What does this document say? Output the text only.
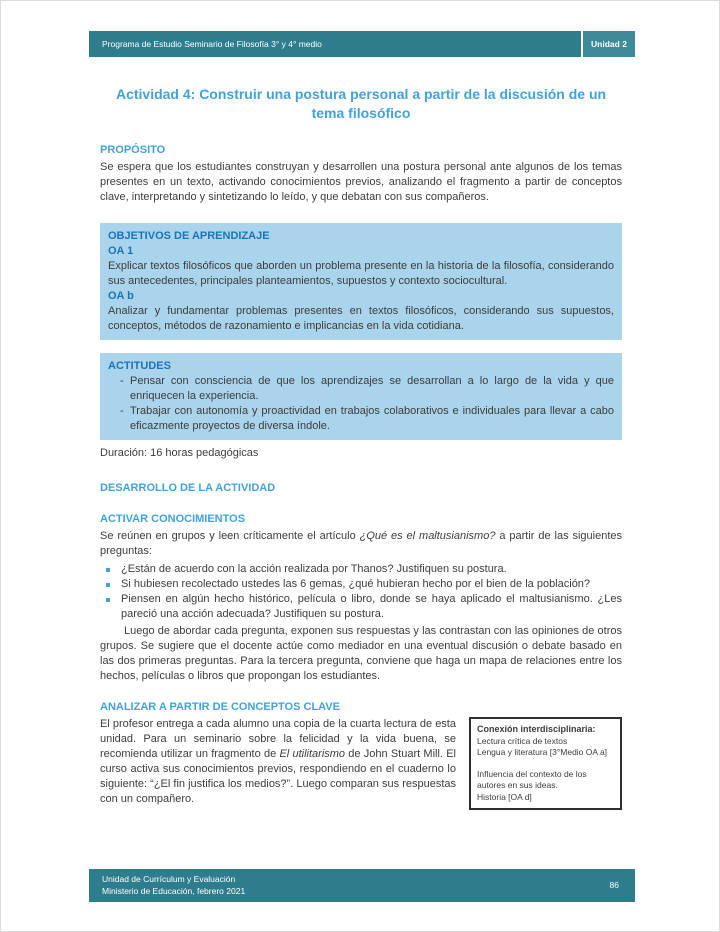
Programa de Estudio Seminario de Filosofía 3° y 4° medio	Unidad 2
Actividad 4: Construir una postura personal a partir de la discusión de un tema filosófico
PROPÓSITO
Se espera que los estudiantes construyan y desarrollen una postura personal ante algunos de los temas presentes en un texto, activando conocimientos previos, analizando el fragmento a partir de conceptos clave, interpretando y sintetizando lo leído, y que debatan con sus compañeros.
OBJETIVOS DE APRENDIZAJE
OA 1
Explicar textos filosóficos que aborden un problema presente en la historia de la filosofía, considerando sus antecedentes, principales planteamientos, supuestos y contexto sociocultural.
OA b
Analizar y fundamentar problemas presentes en textos filosóficos, considerando sus supuestos, conceptos, métodos de razonamiento e implicancias en la vida cotidiana.
ACTITUDES
- Pensar con consciencia de que los aprendizajes se desarrollan a lo largo de la vida y que enriquecen la experiencia.
- Trabajar con autonomía y proactividad en trabajos colaborativos e individuales para llevar a cabo eficazmente proyectos de diversa índole.
Duración: 16 horas pedagógicas
DESARROLLO DE LA ACTIVIDAD
ACTIVAR CONOCIMIENTOS
Se reúnen en grupos y leen críticamente el artículo ¿Qué es el maltusianismo? a partir de las siguientes preguntas:
¿Están de acuerdo con la acción realizada por Thanos? Justifiquen su postura.
Si hubiesen recolectado ustedes las 6 gemas, ¿qué hubieran hecho por el bien de la población?
Piensen en algún hecho histórico, película o libro, donde se haya aplicado el maltusianismo. ¿Les pareció una acción adecuada? Justifiquen su postura.
Luego de abordar cada pregunta, exponen sus respuestas y las contrastan con las opiniones de otros grupos. Se sugiere que el docente actúe como mediador en una eventual discusión o debate basado en las dos primeras preguntas. Para la tercera pregunta, conviene que haga un mapa de relaciones entre los hechos, películas o libros que propongan los estudiantes.
ANALIZAR A PARTIR DE CONCEPTOS CLAVE
El profesor entrega a cada alumno una copia de la cuarta lectura de esta unidad. Para un seminario sobre la felicidad y la vida buena, se recomienda utilizar un fragmento de El utilitarismo de John Stuart Mill. El curso activa sus conocimientos previos, respondiendo en el cuaderno lo siguiente: “¿El fin justifica los medios?”. Luego comparan sus respuestas con un compañero.
Conexión interdisciplinaria:
Lectura crítica de textos
Lengua y literatura [3°Medio OA a]
Influencia del contexto de los autores en sus ideas.
Historia [OA d]
Unidad de Currículum y Evaluación
Ministerio de Educación, febrero 2021
86
